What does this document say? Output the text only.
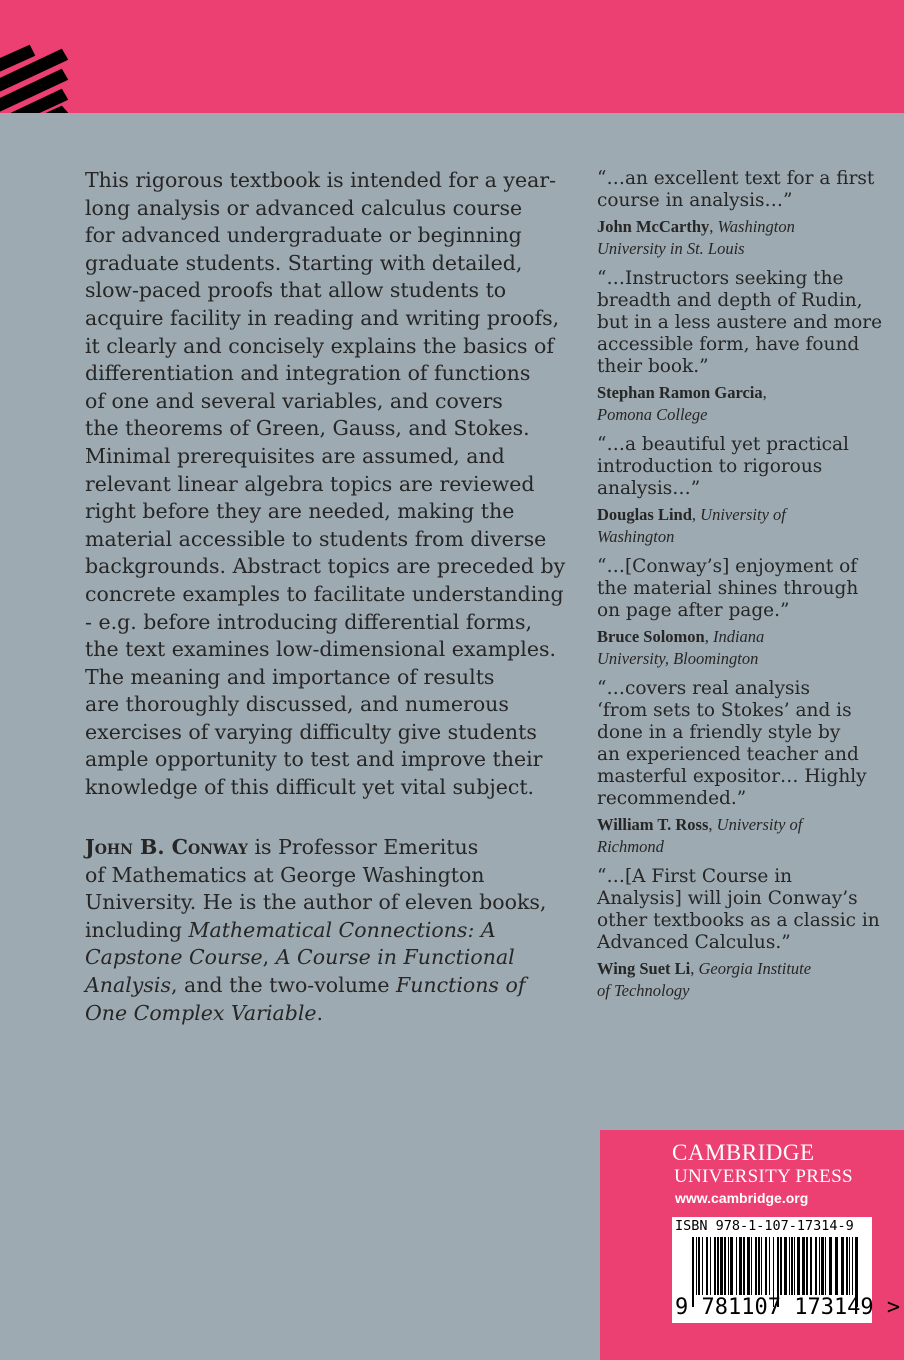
This rigorous textbook is intended for a year-
long analysis or advanced calculus course
for advanced undergraduate or beginning
graduate students. Starting with detailed,
slow-paced proofs that allow students to
acquire facility in reading and writing proofs,
it clearly and concisely explains the basics of
differentiation and integration of functions
of one and several variables, and covers
the theorems of Green, Gauss, and Stokes.
Minimal prerequisites are assumed, and
relevant linear algebra topics are reviewed
right before they are needed, making the
material accessible to students from diverse
backgrounds. Abstract topics are preceded by
concrete examples to facilitate understanding
- e.g. before introducing differential forms,
the text examines low-dimensional examples.
The meaning and importance of results
are thoroughly discussed, and numerous
exercises of varying difficulty give students
ample opportunity to test and improve their
knowledge of this difficult yet vital subject.
John B. Conway is Professor Emeritus
of Mathematics at George Washington
University. He is the author of eleven books,
including Mathematical Connections: A
Capstone Course, A Course in Functional
Analysis, and the two-volume Functions of
One Complex Variable.
“…an excellent text for a first
course in analysis…”
John McCarthy, Washington
University in St. Louis
“…Instructors seeking the
breadth and depth of Rudin,
but in a less austere and more
accessible form, have found
their book.”
Stephan Ramon Garcia,
Pomona College
“…a beautiful yet practical
introduction to rigorous
analysis…”
Douglas Lind, University of
Washington
“…[Conway’s] enjoyment of
the material shines through
on page after page.”
Bruce Solomon, Indiana
University, Bloomington
“…covers real analysis
‘from sets to Stokes’ and is
done in a friendly style by
an experienced teacher and
masterful expositor… Highly
recommended.”
William T. Ross, University of
Richmond
“…[A First Course in
Analysis] will join Conway’s
other textbooks as a classic in
Advanced Calculus.”
Wing Suet Li, Georgia Institute
of Technology
CAMBRIDGE
UNIVERSITY PRESS
www.cambridge.org
ISBN 978-1-107-17314-9
9 781107 173149 >
